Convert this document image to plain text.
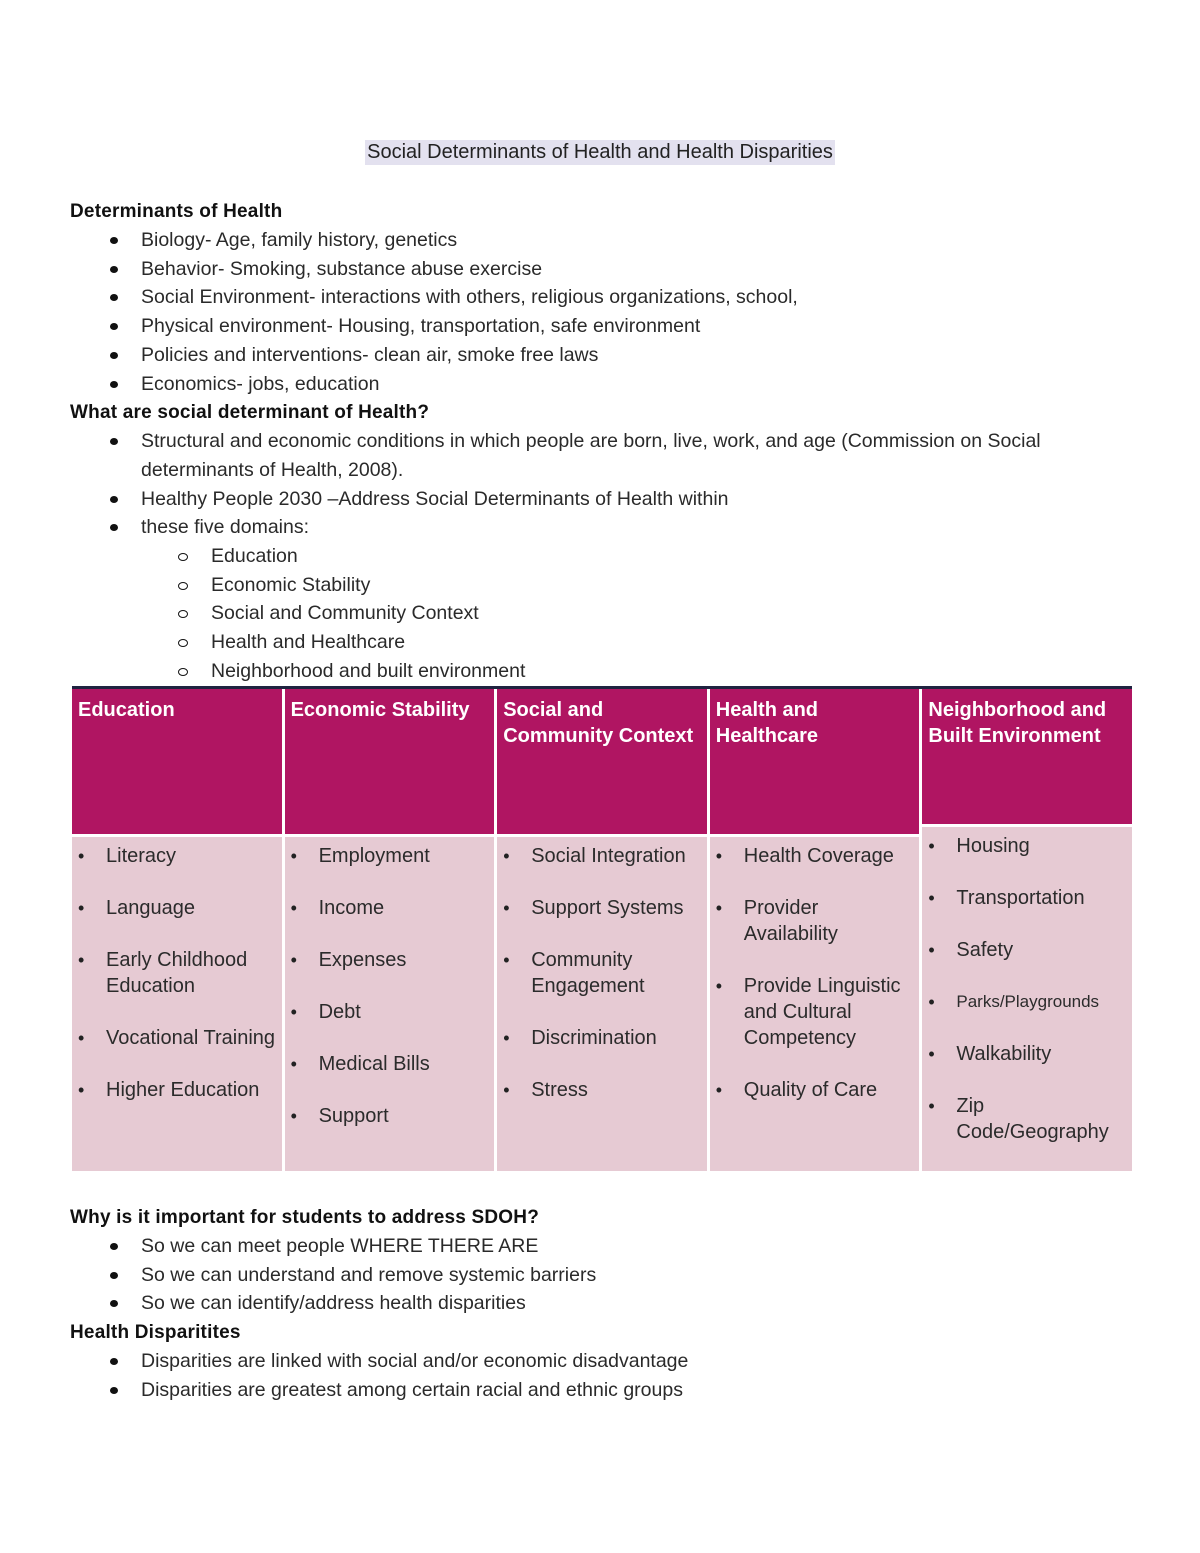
Social Determinants of Health and Health Disparities
Determinants of Health
Biology- Age, family history, genetics
Behavior- Smoking, substance abuse exercise
Social Environment- interactions with others, religious organizations, school,
Physical environment- Housing, transportation, safe environment
Policies and interventions- clean air, smoke free laws
Economics- jobs, education
What are social determinant of Health?
Structural and economic conditions in which people are born, live, work, and age (Commission on Social determinants of Health, 2008).
Healthy People 2030 –Address Social Determinants of Health within
these five domains:
Education
Economic Stability
Social and Community Context
Health and Healthcare
Neighborhood and built environment
Education
• Literacy
• Language
• Early Childhood Education
• Vocational Training
• Higher Education
Economic Stability
• Employment
• Income
• Expenses
• Debt
• Medical Bills
• Support
Social and Community Context
• Social Integration
• Support Systems
• Community Engagement
• Discrimination
• Stress
Health and Healthcare
• Health Coverage
• Provider Availability
• Provide Linguistic and Cultural Competency
• Quality of Care
Neighborhood and Built Environment
• Housing
• Transportation
• Safety
• Parks/Playgrounds
• Walkability
• Zip Code/Geography
Why is it important for students to address SDOH?
So we can meet people WHERE THERE ARE
So we can understand and remove systemic barriers
So we can identify/address health disparities
Health Disparitites
Disparities are linked with social and/or economic disadvantage
Disparities are greatest among certain racial and ethnic groups
